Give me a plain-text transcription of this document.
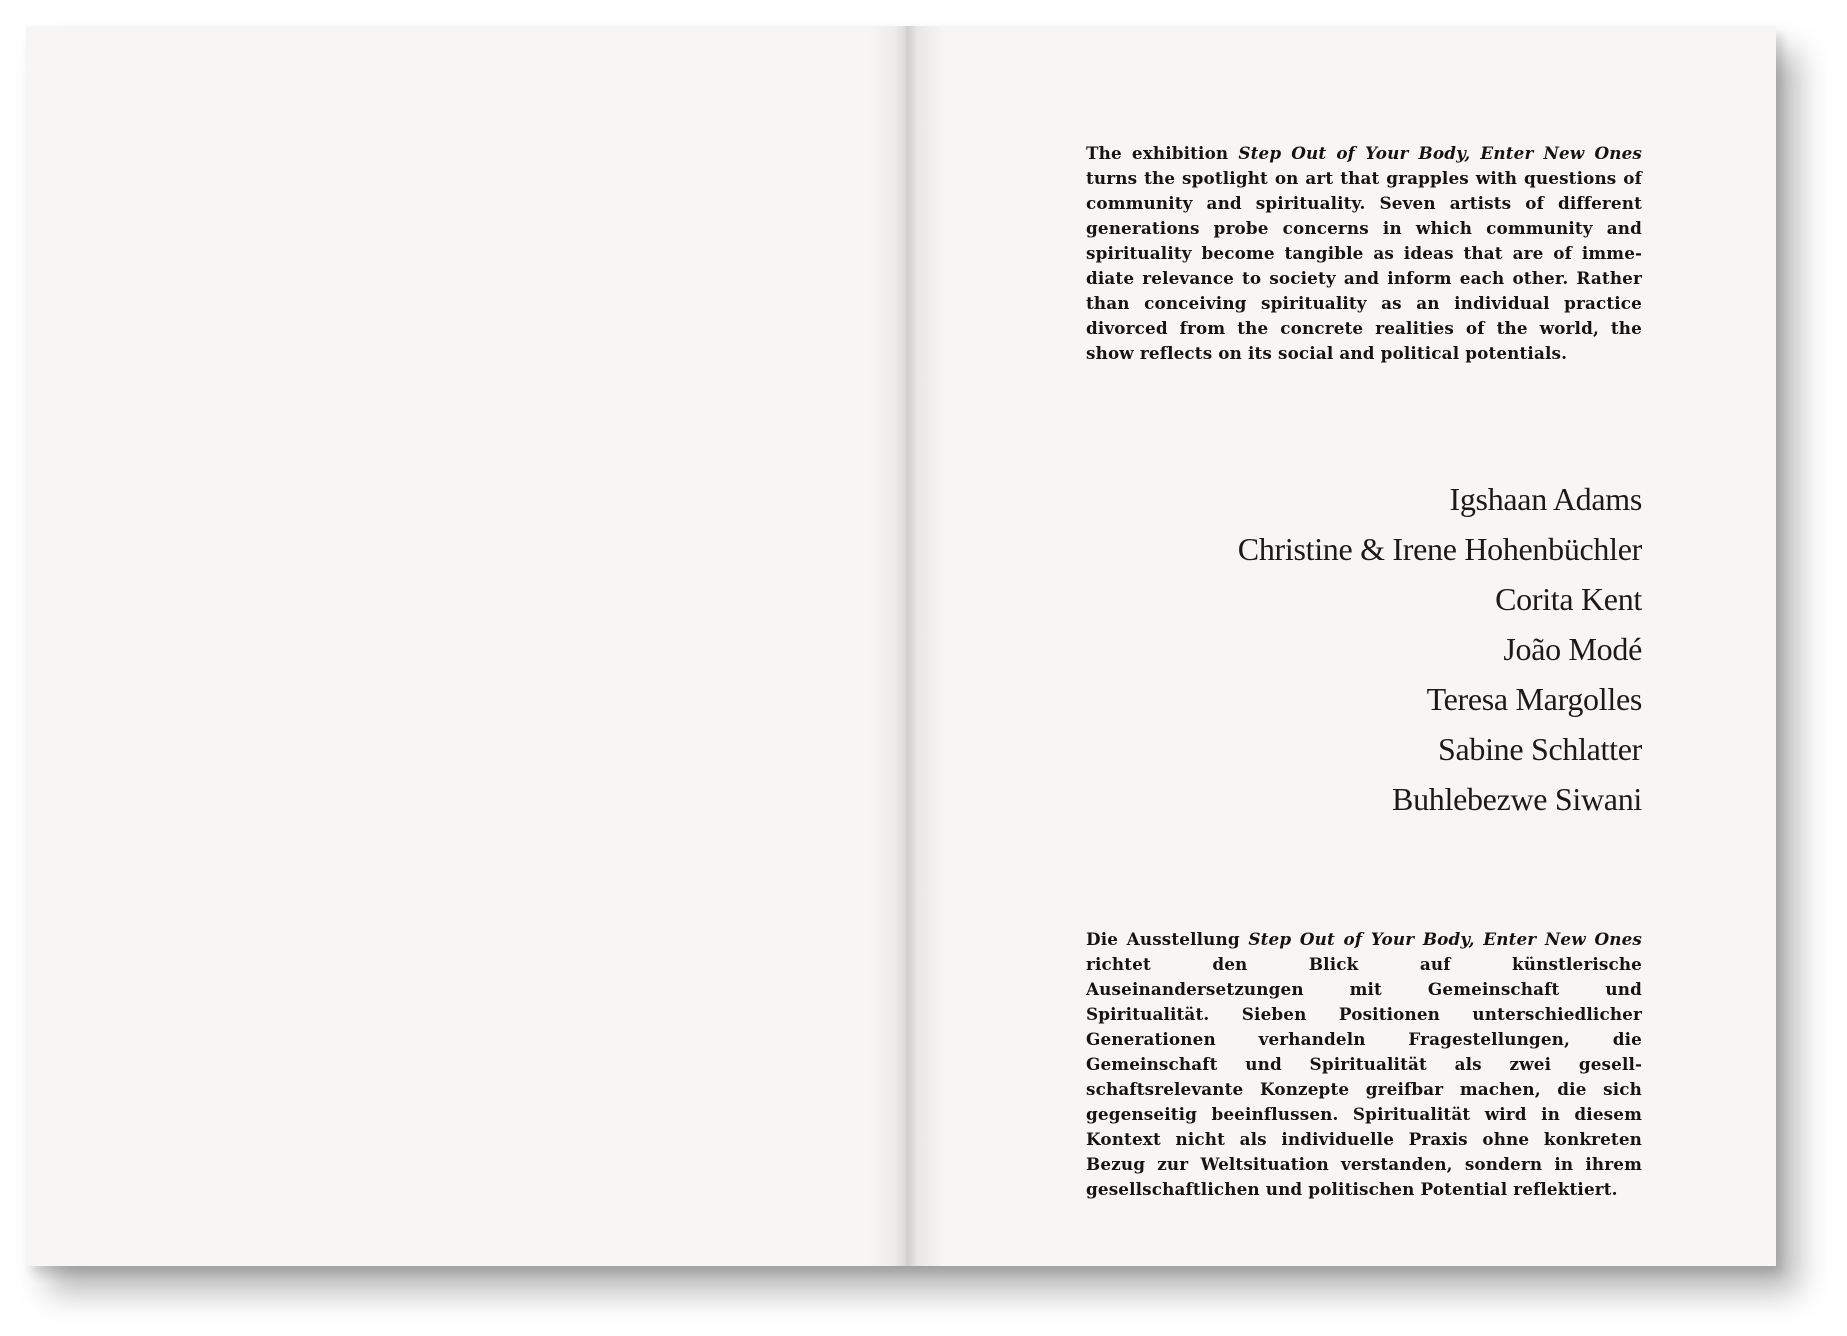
The exhibition Step Out of Your Body, Enter New Ones turns the spotlight on art that grapples with questions of community and spirituality. Seven artists of different generations probe concerns in which community and spirituality become tangible as ideas that are of immediate relevance to society and inform each other. Rather than conceiving spirituality as an individual practice divorced from the concrete realities of the world, the show reflects on its social and political potentials.

Igshaan Adams
Christine & Irene Hohenbüchler
Corita Kent
João Modé
Teresa Margolles
Sabine Schlatter
Buhlebezwe Siwani

Die Ausstellung Step Out of Your Body, Enter New Ones richtet den Blick auf künstlerische Auseinandersetzungen mit Gemeinschaft und Spiritualität. Sieben Positionen unterschiedlicher Generationen verhandeln Fragestellungen, die Gemeinschaft und Spiritualität als zwei gesellschaftsrelevante Konzepte greifbar machen, die sich gegenseitig beeinflussen. Spiritualität wird in diesem Kontext nicht als individuelle Praxis ohne konkreten Bezug zur Weltsituation verstanden, sondern in ihrem gesellschaftlichen und politischen Potential reflektiert.
